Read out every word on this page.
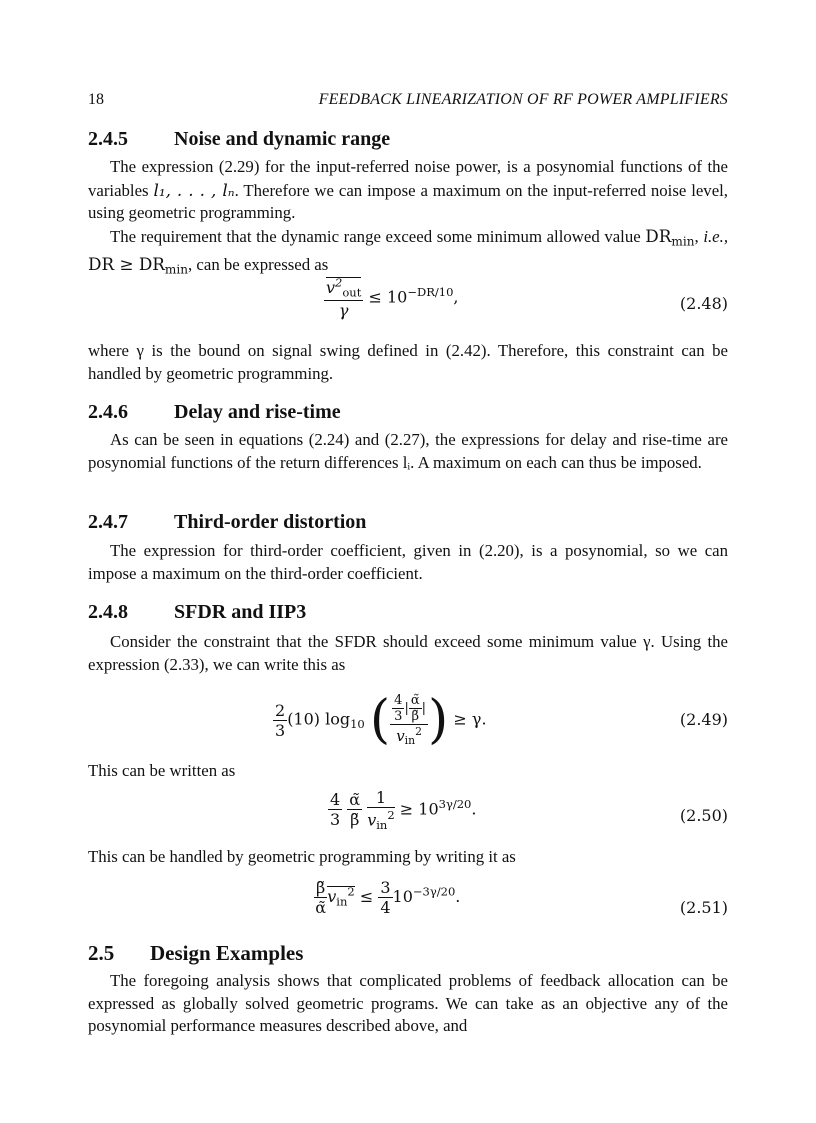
18	FEEDBACK LINEARIZATION OF RF POWER AMPLIFIERS
2.4.5 Noise and dynamic range

The expression (2.29) for the input-referred noise power, is a posynomial functions of the variables l₁, . . . , lₙ. Therefore we can impose a maximum on the input-referred noise level, using geometric programming.

The requirement that the dynamic range exceed some minimum allowed value $DR_{min}$, i.e., DR ≥ $DR_{min}$, can be expressed as

$\frac{v^2_{out}}{\gamma} \le 10^{-DR/10}$,	(2.48)

where γ is the bound on signal swing defined in (2.42). Therefore, this constraint can be handled by geometric programming.

2.4.6 Delay and rise-time

As can be seen in equations (2.24) and (2.27), the expressions for delay and rise-time are posynomial functions of the return differences lᵢ. A maximum on each can thus be imposed.

2.4.7 Third-order distortion

The expression for third-order coefficient, given in (2.20), is a posynomial, so we can impose a maximum on the third-order coefficient.

2.4.8 SFDR and IIP3

Consider the constraint that the SFDR should exceed some minimum value γ. Using the expression (2.33), we can write this as

$\frac{2}{3} (10)$ $\log_{10}$ ( $\frac{\frac{4}{3} | \frac{\alphã}{\betã} |}{v_{in}^2}$ ) ≥ γ.	(2.49)

This can be written as

$\frac{4}{3}$
$\frac{\alphã}{\betã}$
$\frac{1}{v_{in}^2} \ge 10^{3\gamma/20}$.	(2.50)

This can be handled by geometric programming by writing it as

$\frac{\betã}{\alphã} v_{in}^2 \le \frac{3}{4} 10^{-3\gamma/20}$.
(2.51)
2.5 Design Examples

The foregoing analysis shows that complicated problems of feedback allocation can be expressed as globally solved geometric programs. We can take as an objective any of the posynomial performance measures described above, and
